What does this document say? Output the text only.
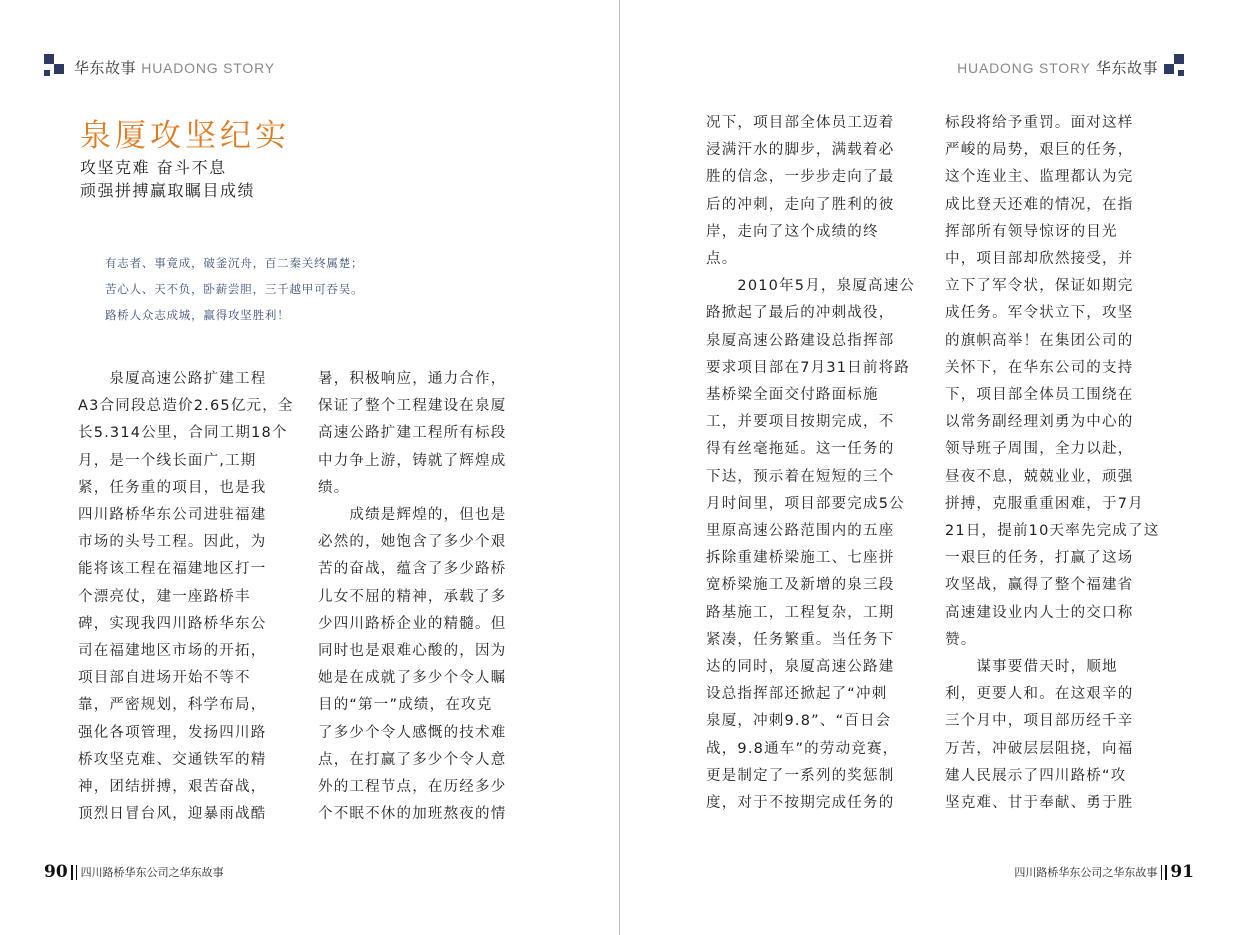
华东故事 HUADONG STORY
泉厦攻坚纪实
攻坚克难 奋斗不息
顽强拼搏赢取瞩目成绩
有志者、事竟成，破釜沉舟，百二秦关终属楚；
苦心人、天不负，卧薪尝胆，三千越甲可吞吴。
路桥人众志成城，赢得攻坚胜利！

　　泉厦高速公路扩建工程

A3合同段总造价2.65亿元，全

长5.314公里，合同工期18个

月，是一个线长面广,工期

紧，任务重的项目，也是我

四川路桥华东公司进驻福建

市场的头号工程。因此，为

能将该工程在福建地区打一

个漂亮仗，建一座路桥丰

碑，实现我四川路桥华东公

司在福建地区市场的开拓，

项目部自进场开始不等不

靠，严密规划，科学布局，

强化各项管理，发扬四川路

桥攻坚克难、交通铁军的精

神，团结拼搏，艰苦奋战，

顶烈日冒台风，迎暴雨战酷

暑，积极响应，通力合作，

保证了整个工程建设在泉厦

高速公路扩建工程所有标段

中力争上游，铸就了辉煌成

绩。

　　成绩是辉煌的，但也是

必然的，她饱含了多少个艰

苦的奋战，蕴含了多少路桥

儿女不屈的精神，承载了多

少四川路桥企业的精髓。但

同时也是艰难心酸的，因为

她是在成就了多少个令人瞩

目的“第一”成绩，在攻克

了多少个令人感慨的技术难

点，在打赢了多少个令人意

外的工程节点，在历经多少

个不眠不休的加班熬夜的情

90 四川路桥华东公司之华东故事
HUADONG STORY 华东故事

况下，项目部全体员工迈着

浸满汗水的脚步，满载着必

胜的信念，一步步走向了最

后的冲刺，走向了胜利的彼

岸，走向了这个成绩的终

点。

　　2010年5月，泉厦高速公

路掀起了最后的冲刺战役，

泉厦高速公路建设总指挥部

要求项目部在7月31日前将路

基桥梁全面交付路面标施

工，并要项目按期完成，不

得有丝毫拖延。这一任务的

下达，预示着在短短的三个

月时间里，项目部要完成5公

里原高速公路范围内的五座

拆除重建桥梁施工、七座拼

宽桥梁施工及新增的泉三段

路基施工，工程复杂，工期

紧凑，任务繁重。当任务下

达的同时，泉厦高速公路建

设总指挥部还掀起了“冲刺

泉厦，冲刺9.8”、“百日会

战，9.8通车”的劳动竞赛，

更是制定了一系列的奖惩制

度，对于不按期完成任务的

标段将给予重罚。面对这样

严峻的局势，艰巨的任务，

这个连业主、监理都认为完

成比登天还难的情况，在指

挥部所有领导惊讶的目光

中，项目部却欣然接受，并

立下了军令状，保证如期完

成任务。军令状立下，攻坚

的旗帜高举！在集团公司的

关怀下，在华东公司的支持

下，项目部全体员工围绕在

以常务副经理刘勇为中心的

领导班子周围，全力以赴，

昼夜不息，兢兢业业，顽强

拼搏，克服重重困难，于7月

21日，提前10天率先完成了这

一艰巨的任务，打赢了这场

攻坚战，赢得了整个福建省

高速建设业内人士的交口称

赞。

　　谋事要借天时，顺地

利，更要人和。在这艰辛的

三个月中，项目部历经千辛

万苦，冲破层层阻挠，向福

建人民展示了四川路桥“攻

坚克难、甘于奉献、勇于胜

四川路桥华东公司之华东故事 91
